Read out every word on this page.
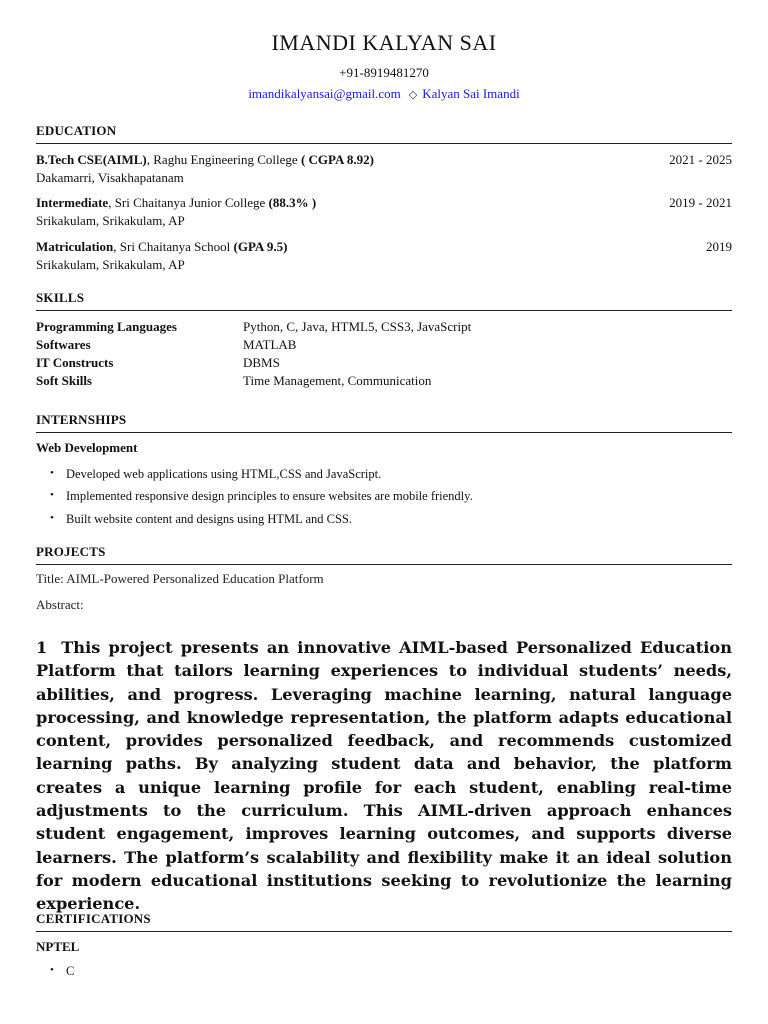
IMANDI KALYAN SAI
+91-8919481270
imandikalyansai@gmail.com ◇ Kalyan Sai Imandi
EDUCATION
B.Tech CSE(AIML), Raghu Engineering College ( CGPA 8.92)	2021 - 2025
Dakamarri, Visakhapatanam
Intermediate, Sri Chaitanya Junior College (88.3% )	2019 - 2021
Srikakulam, Srikakulam, AP
Matriculation, Sri Chaitanya School (GPA 9.5)	2019
Srikakulam, Srikakulam, AP
SKILLS
Programming Languages	Python, C, Java, HTML5, CSS3, JavaScript
Softwares	MATLAB
IT Constructs	DBMS
Soft Skills	Time Management, Communication
INTERNSHIPS
Web Development
• Developed web applications using HTML,CSS and JavaScript.
• Implemented responsive design principles to ensure websites are mobile friendly.
• Built website content and designs using HTML and CSS.
PROJECTS
Title: AIML-Powered Personalized Education Platform
Abstract:
1 This project presents an innovative AIML-based Personalized Education Platform that tailors learning experiences to individual students’ needs, abilities, and progress. Leveraging machine learning, natural language processing, and knowledge representation, the platform adapts educational content, provides personalized feedback, and recommends customized learning paths. By analyzing student data and behavior, the platform creates a unique learning profile for each student, enabling real-time adjustments to the curriculum. This AIML-driven approach enhances student engagement, improves learning outcomes, and supports diverse learners. The platform’s scalability and flexibility make it an ideal solution for modern educational institutions seeking to revolutionize the learning experience.
CERTIFICATIONS
NPTEL
• C
